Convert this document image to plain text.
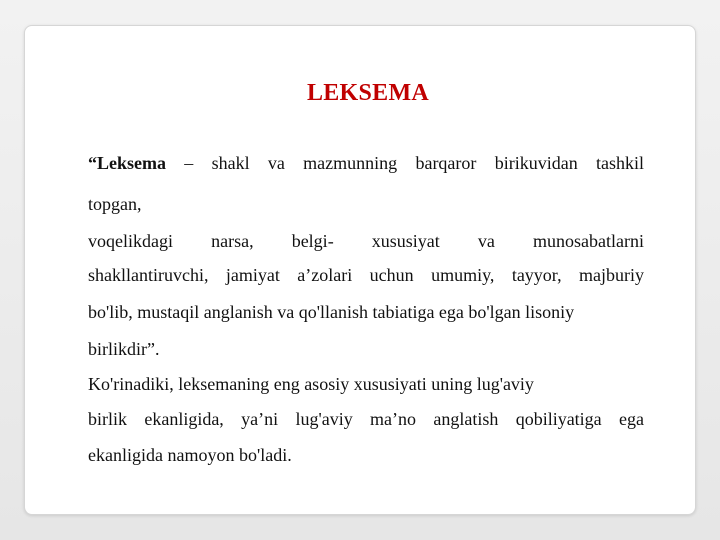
LEKSEMA
“Leksema – shakl va mazmunning barqaror birikuvidan tashkil
topgan,
voqelikdagi narsa, belgi- xususiyat va munosabatlarni
shakllantiruvchi, jamiyat a’zolari uchun umumiy, tayyor, majburiy
bo'lib, mustaqil anglanish va qo'llanish tabiatiga ega bo'lgan lisoniy
birlikdir”.
Ko'rinadiki, leksemaning eng asosiy xususiyati uning lug'aviy
birlik ekanligida, ya’ni lug'aviy ma’no anglatish qobiliyatiga ega
ekanligida namoyon bo'ladi.
